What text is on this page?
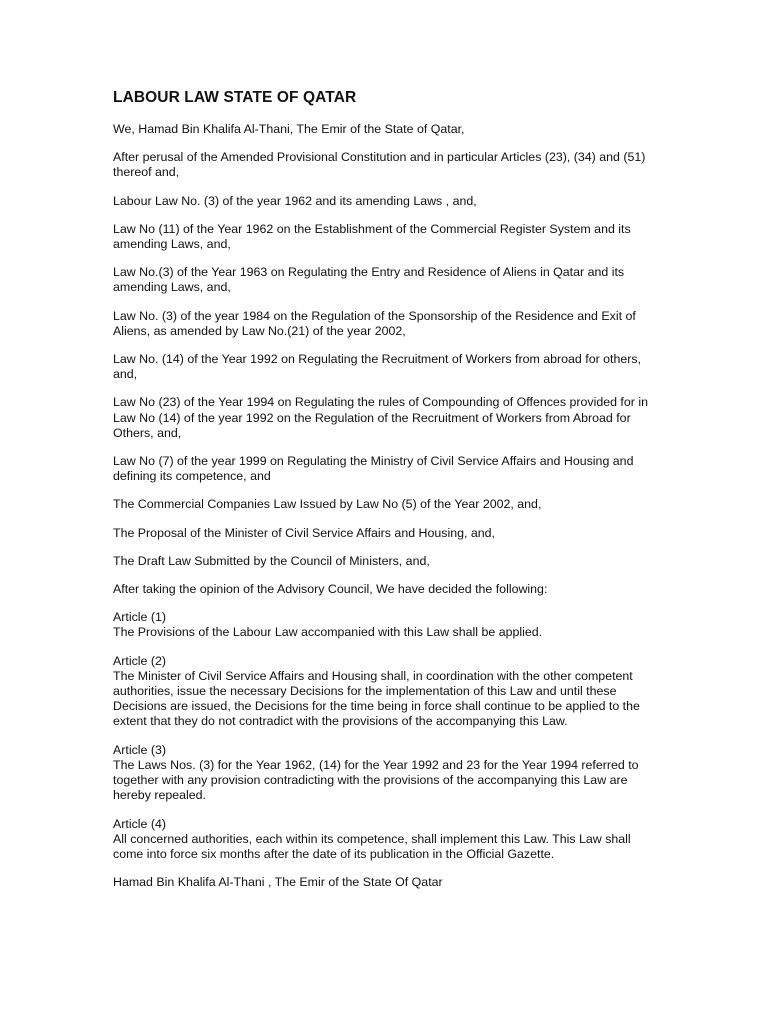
LABOUR LAW STATE OF QATAR

We, Hamad Bin Khalifa Al-Thani, The Emir of the State of Qatar,

After perusal of the Amended Provisional Constitution and in particular Articles (23), (34) and (51) thereof and,

Labour Law No. (3) of the year 1962 and its amending Laws , and,

Law No (11) of the Year 1962 on the Establishment of the Commercial Register System and its amending Laws, and,

Law No.(3) of the Year 1963 on Regulating the Entry and Residence of Aliens in Qatar and its amending Laws, and,

Law No. (3) of the year 1984 on the Regulation of the Sponsorship of the Residence and Exit of Aliens, as amended by Law No.(21) of the year 2002,

Law No. (14) of the Year 1992 on Regulating the Recruitment of Workers from abroad for others, and,

Law No (23) of the Year 1994 on Regulating the rules of Compounding of Offences provided for in Law No (14) of the year 1992 on the Regulation of the Recruitment of Workers from Abroad for Others, and,

Law No (7) of the year 1999 on Regulating the Ministry of Civil Service Affairs and Housing and defining its competence, and

The Commercial Companies Law Issued by Law No (5) of the Year 2002, and,

The Proposal of the Minister of Civil Service Affairs and Housing, and,

The Draft Law Submitted by the Council of Ministers, and,

After taking the opinion of the Advisory Council, We have decided the following:

Article (1)
The Provisions of the Labour Law accompanied with this Law shall be applied.
Article (2)
The Minister of Civil Service Affairs and Housing shall, in coordination with the other competent authorities, issue the necessary Decisions for the implementation of this Law and until these Decisions are issued, the Decisions for the time being in force shall continue to be applied to the extent that they do not contradict with the provisions of the accompanying this Law.
Article (3)
The Laws Nos. (3) for the Year 1962, (14) for the Year 1992 and 23 for the Year 1994 referred to together with any provision contradicting with the provisions of the accompanying this Law are hereby repealed.
Article (4)
All concerned authorities, each within its competence, shall implement this Law. This Law shall come into force six months after the date of its publication in the Official Gazette.

Hamad Bin Khalifa Al-Thani , The Emir of the State Of Qatar
